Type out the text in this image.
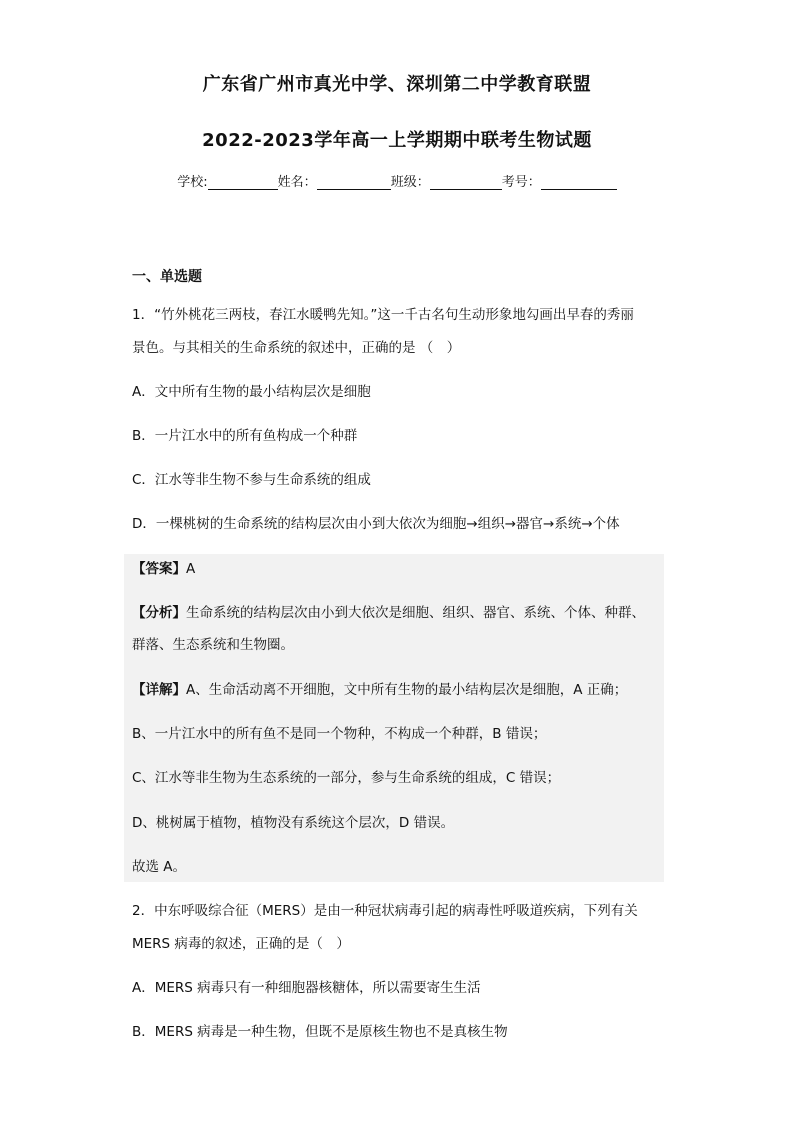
广东省广州市真光中学、深圳第二中学教育联盟
2022-2023学年高一上学期期中联考生物试题
学校:	姓名：	班级：	考号：
一、单选题
1．“竹外桃花三两枝，春江水暖鸭先知。”这一千古名句生动形象地勾画出早春的秀丽
景色。与其相关的生命系统的叙述中，正确的是 （　）
A．文中所有生物的最小结构层次是细胞
B．一片江水中的所有鱼构成一个种群
C．江水等非生物不参与生命系统的组成
D．一棵桃树的生命系统的结构层次由小到大依次为细胞→组织→器官→系统→个体
【答案】A
【分析】生命系统的结构层次由小到大依次是细胞、组织、器官、系统、个体、种群、
群落、生态系统和生物圈。
【详解】A、生命活动离不开细胞，文中所有生物的最小结构层次是细胞，A 正确；
B、一片江水中的所有鱼不是同一个物种，不构成一个种群，B 错误；
C、江水等非生物为生态系统的一部分，参与生命系统的组成，C 错误；
D、桃树属于植物，植物没有系统这个层次，D 错误。
故选 A。
2．中东呼吸综合征（MERS）是由一种冠状病毒引起的病毒性呼吸道疾病，下列有关
MERS 病毒的叙述，正确的是（　）
A．MERS 病毒只有一种细胞器核糖体，所以需要寄生生活
B．MERS 病毒是一种生物，但既不是原核生物也不是真核生物
